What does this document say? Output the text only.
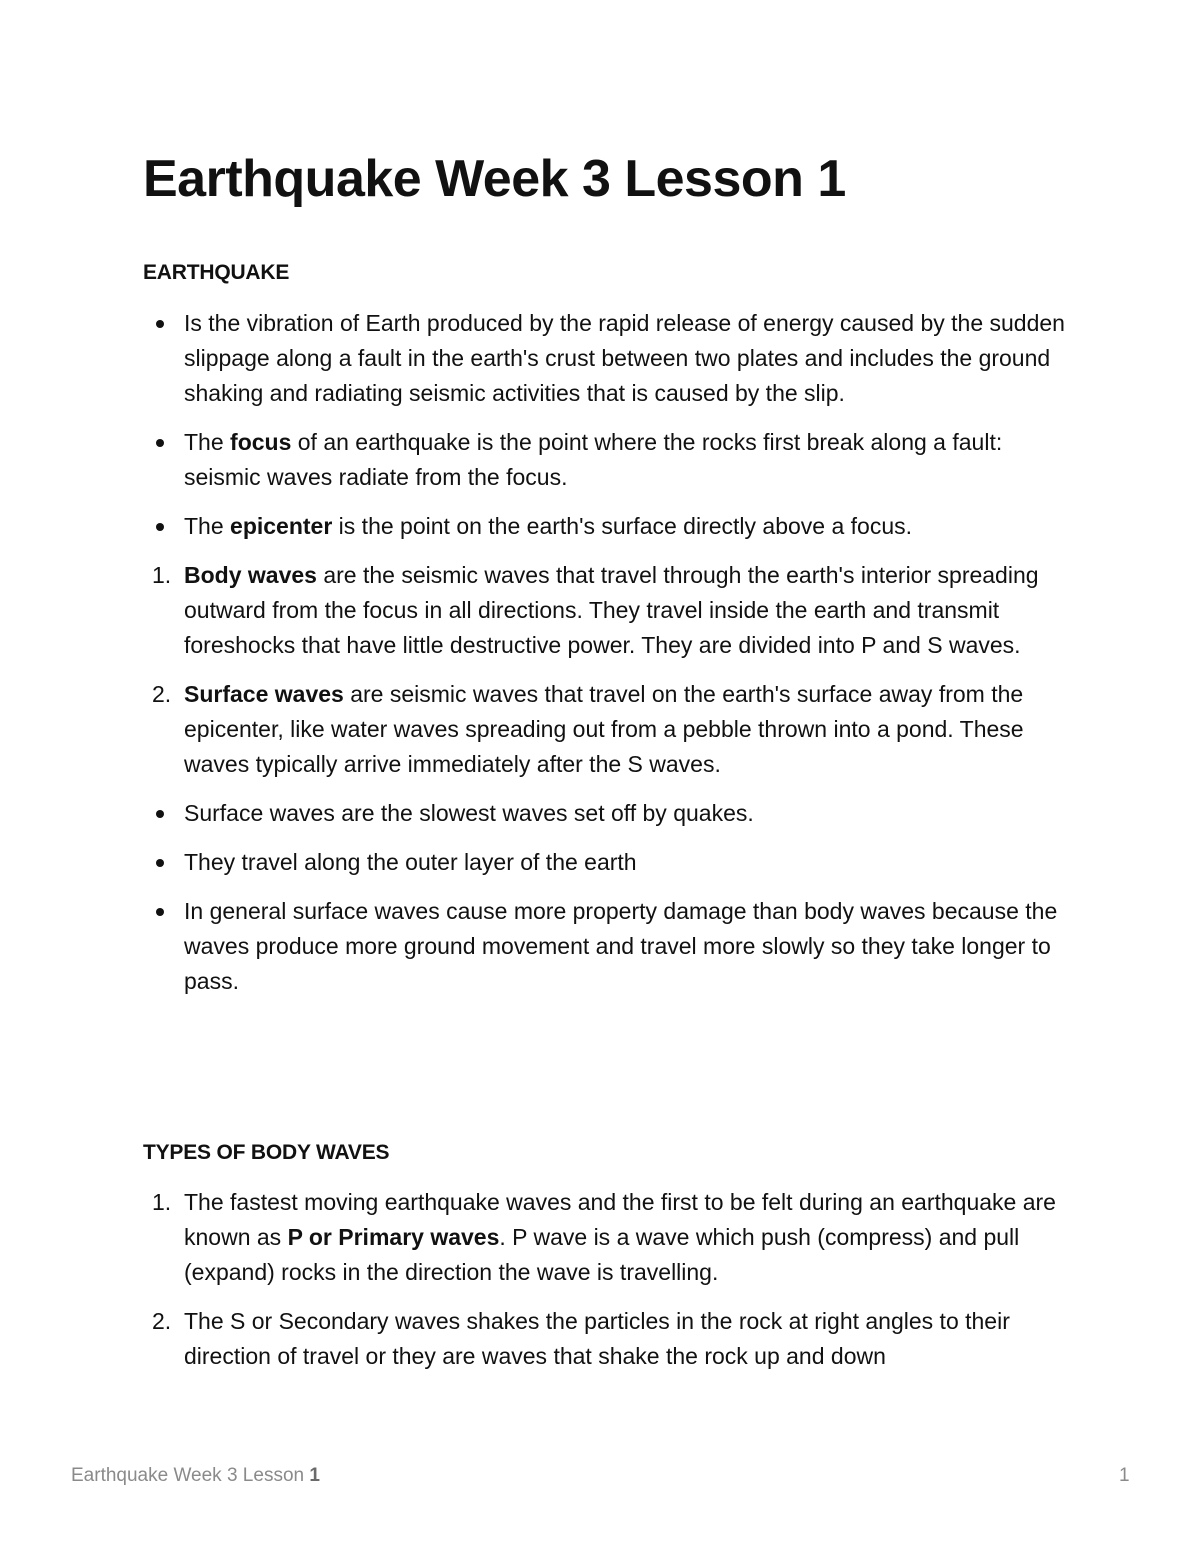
Earthquake Week 3 Lesson 1
EARTHQUAKE
Is the vibration of Earth produced by the rapid release of energy caused by the sudden slippage along a fault in the earth's crust between two plates and includes the ground shaking and radiating seismic activities that is caused by the slip.
The focus of an earthquake is the point where the rocks first break along a fault: seismic waves radiate from the focus.
The epicenter is the point on the earth's surface directly above a focus.
1. Body waves are the seismic waves that travel through the earth's interior spreading outward from the focus in all directions. They travel inside the earth and transmit foreshocks that have little destructive power. They are divided into P and S waves.
2. Surface waves are seismic waves that travel on the earth's surface away from the epicenter, like water waves spreading out from a pebble thrown into a pond. These waves typically arrive immediately after the S waves.
Surface waves are the slowest waves set off by quakes.
They travel along the outer layer of the earth
In general surface waves cause more property damage than body waves because the waves produce more ground movement and travel more slowly so they take longer to pass.
TYPES OF BODY WAVES
1. The fastest moving earthquake waves and the first to be felt during an earthquake are known as P or Primary waves. P wave is a wave which push (compress) and pull (expand) rocks in the direction the wave is travelling.
2. The S or Secondary waves shakes the particles in the rock at right angles to their direction of travel or they are waves that shake the rock up and down
Earthquake Week 3 Lesson 1	1
